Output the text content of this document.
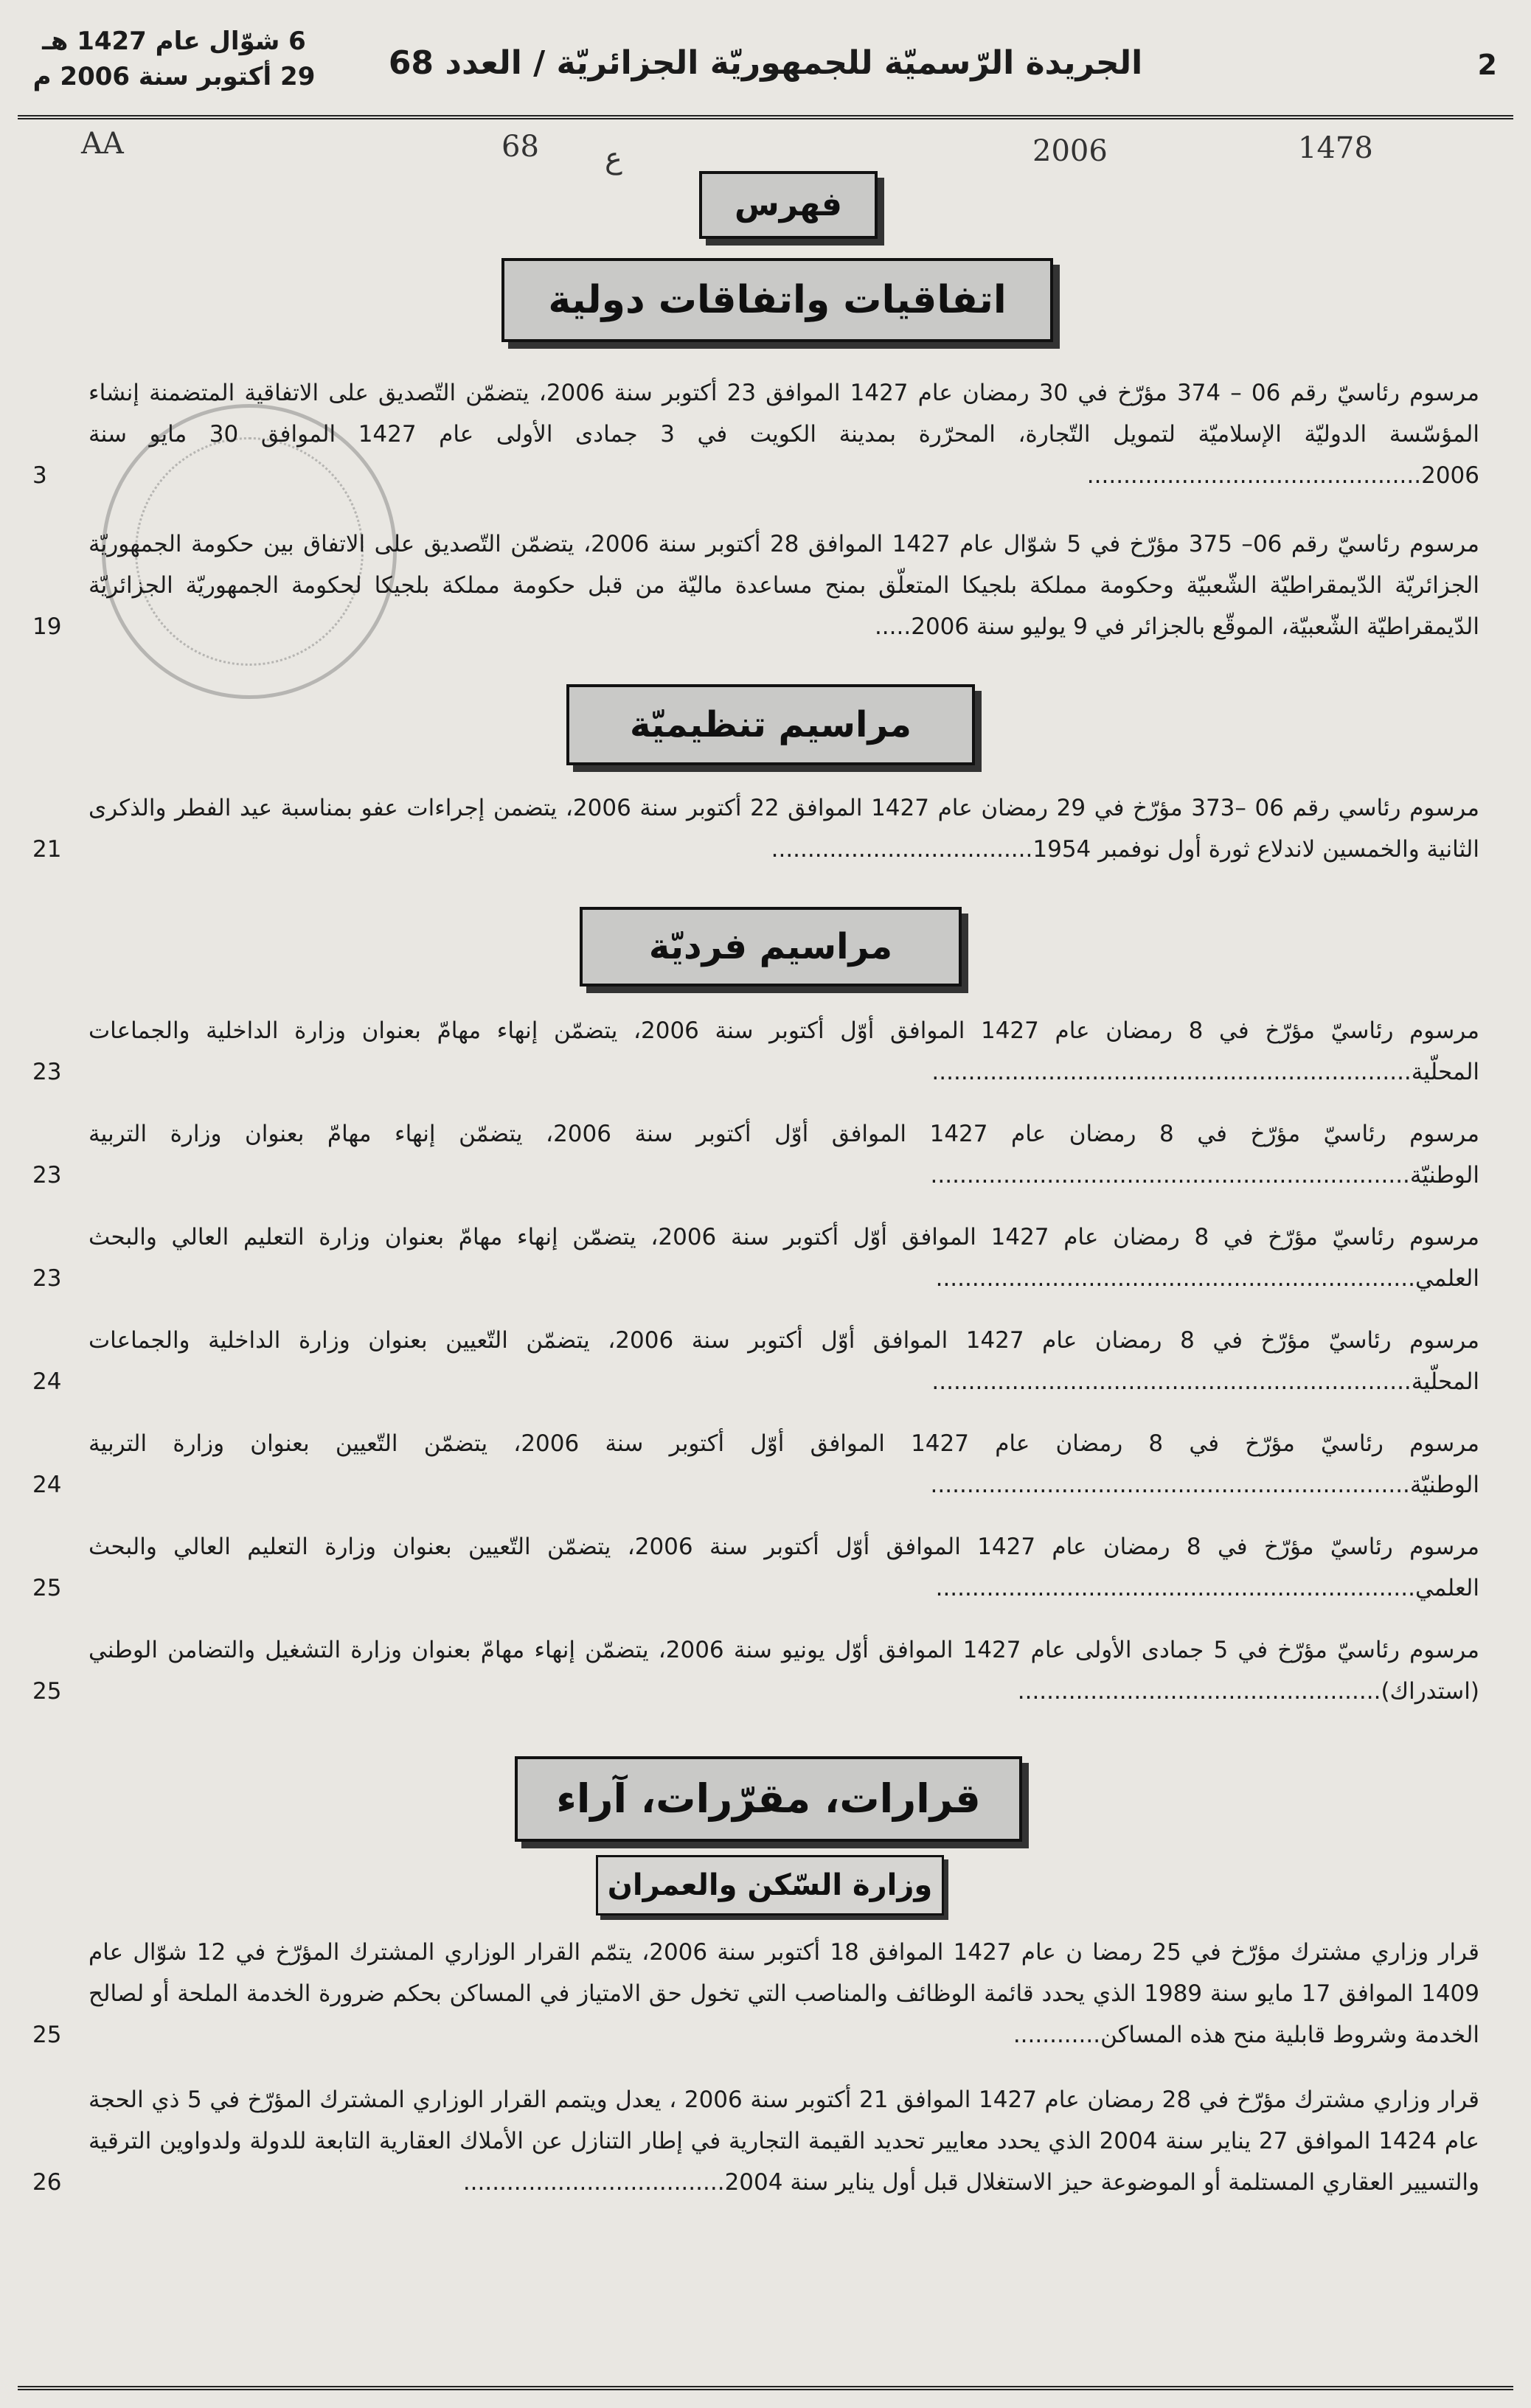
2
الجريدة الرّسميّة للجمهوريّة الجزائريّة / العدد 68
6 شوّال عام 1427 هـ
29 أكتوبر سنة 2006 م
AA	68 ع	2006	1478
فهرس
اتفاقيات واتفاقات دولية
مراسيم تنظيميّة
مراسيم فرديّة
قرارات، مقرّرات، آراء
وزارة السّكن والعمران
مرسوم رئاسيّ رقم 06 – 374 مؤرّخ في 30 رمضان عام 1427 الموافق 23 أكتوبر سنة 2006، يتضمّن التّصديق على الاتفاقية المتضمنة إنشاء المؤسّسة الدوليّة الإسلاميّة لتمويل التّجارة، المحرّرة بمدينة الكويت في 3 جمادى الأولى عام 1427 الموافق 30 مايو سنة 2006..............................................
3
مرسوم رئاسيّ رقم 06– 375 مؤرّخ في 5 شوّال عام 1427 الموافق 28 أكتوبر سنة 2006، يتضمّن التّصديق على الاتفاق بين حكومة الجمهوريّة الجزائريّة الدّيمقراطيّة الشّعبيّة وحكومة مملكة بلجيكا المتعلّق بمنح مساعدة ماليّة من قبل حكومة مملكة بلجيكا لحكومة الجمهوريّة الجزائريّة الدّيمقراطيّة الشّعبيّة، الموقّع بالجزائر في 9 يوليو سنة 2006.....
19
مرسوم رئاسي رقم 06 –373 مؤرّخ في 29 رمضان عام 1427 الموافق 22 أكتوبر سنة 2006، يتضمن إجراءات عفو بمناسبة عيد الفطر والذكرى الثانية والخمسين لاندلاع ثورة أول نوفمبر 1954....................................
21
مرسوم رئاسيّ مؤرّخ في 8 رمضان عام 1427 الموافق أوّل أكتوبر سنة 2006، يتضمّن إنهاء مهامّ بعنوان وزارة الداخلية والجماعات المحلّية..................................................................
23
مرسوم رئاسيّ مؤرّخ في 8 رمضان عام 1427 الموافق أوّل أكتوبر سنة 2006، يتضمّن إنهاء مهامّ بعنوان وزارة التربية الوطنيّة..................................................................
23
مرسوم رئاسيّ مؤرّخ في 8 رمضان عام 1427 الموافق أوّل أكتوبر سنة 2006، يتضمّن إنهاء مهامّ بعنوان وزارة التعليم العالي والبحث العلمي..................................................................
23
مرسوم رئاسيّ مؤرّخ في 8 رمضان عام 1427 الموافق أوّل أكتوبر سنة 2006، يتضمّن التّعيين بعنوان وزارة الداخلية والجماعات المحلّية..................................................................
24
مرسوم رئاسيّ مؤرّخ في 8 رمضان عام 1427 الموافق أوّل أكتوبر سنة 2006، يتضمّن التّعيين بعنوان وزارة التربية الوطنيّة..................................................................
24
مرسوم رئاسيّ مؤرّخ في 8 رمضان عام 1427 الموافق أوّل أكتوبر سنة 2006، يتضمّن التّعيين بعنوان وزارة التعليم العالي والبحث العلمي..................................................................
25
مرسوم رئاسيّ مؤرّخ في 5 جمادى الأولى عام 1427 الموافق أوّل يونيو سنة 2006، يتضمّن إنهاء مهامّ بعنوان وزارة التشغيل والتضامن الوطني (استدراك)..................................................
25
قرار وزاري مشترك مؤرّخ في 25 رمضا ن عام 1427 الموافق 18 أكتوبر سنة 2006، يتمّم القرار الوزاري المشترك المؤرّخ في 12 شوّال عام 1409 الموافق 17 مايو سنة 1989 الذي يحدد قائمة الوظائف والمناصب التي تخول حق الامتياز في المساكن بحكم ضرورة الخدمة الملحة أو لصالح الخدمة وشروط قابلية منح هذه المساكن............
25
قرار وزاري مشترك مؤرّخ في 28 رمضان عام 1427 الموافق 21 أكتوبر سنة 2006 ، يعدل ويتمم القرار الوزاري المشترك المؤرّخ في 5 ذي الحجة عام 1424 الموافق 27 يناير سنة 2004 الذي يحدد معايير تحديد القيمة التجارية في إطار التنازل عن الأملاك العقارية التابعة للدولة ولدواوين الترقية والتسيير العقاري المستلمة أو الموضوعة حيز الاستغلال قبل أول يناير سنة 2004....................................
26
